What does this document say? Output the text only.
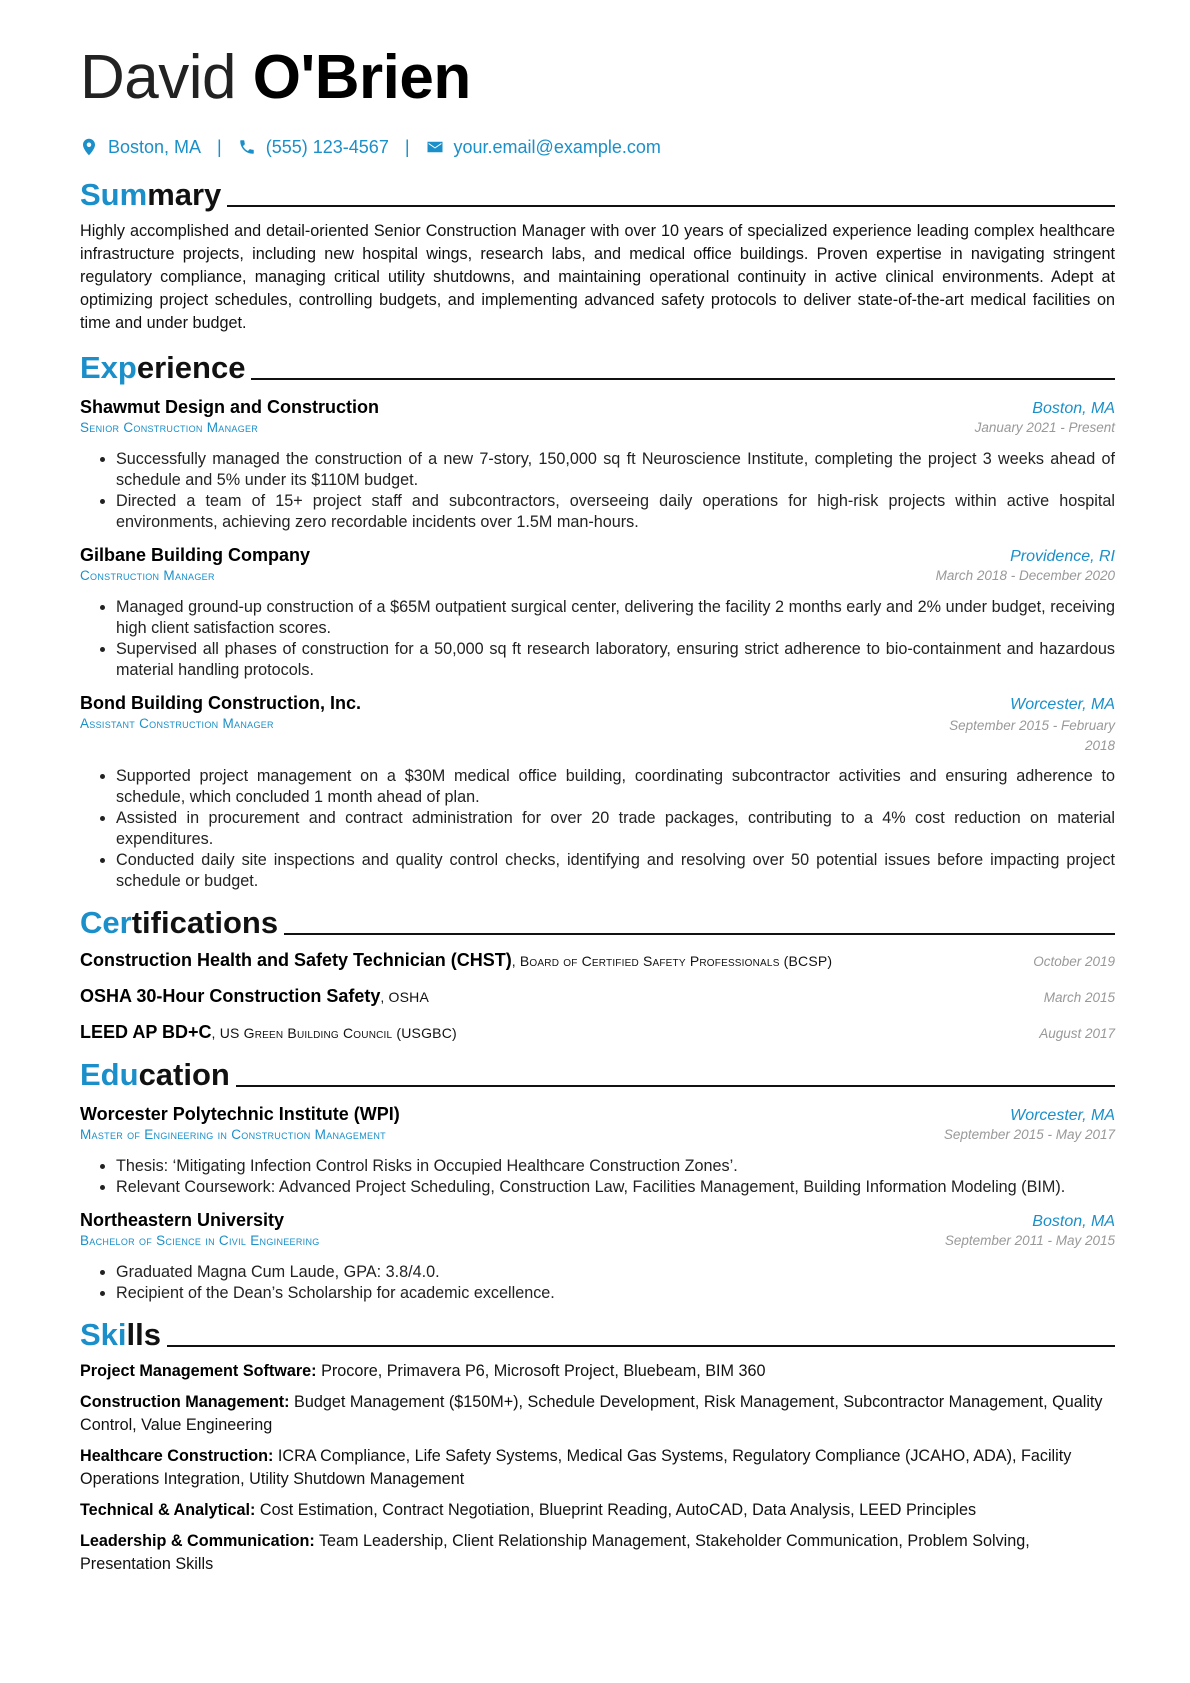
David O'Brien
Boston, MA | (555) 123-4567 | your.email@example.com
Summary
Highly accomplished and detail-oriented Senior Construction Manager with over 10 years of specialized experience leading complex healthcare infrastructure projects, including new hospital wings, research labs, and medical office buildings. Proven expertise in navigating stringent regulatory compliance, managing critical utility shutdowns, and maintaining operational continuity in active clinical environments. Adept at optimizing project schedules, controlling budgets, and implementing advanced safety protocols to deliver state-of-the-art medical facilities on time and under budget.
Experience
Shawmut Design and Construction	Boston, MA
Senior Construction Manager	January 2021 - Present
• Successfully managed the construction of a new 7-story, 150,000 sq ft Neuroscience Institute, completing the project 3 weeks ahead of schedule and 5% under its $110M budget.
• Directed a team of 15+ project staff and subcontractors, overseeing daily operations for high-risk projects within active hospital environments, achieving zero recordable incidents over 1.5M man-hours.
Gilbane Building Company	Providence, RI
Construction Manager	March 2018 - December 2020
• Managed ground-up construction of a $65M outpatient surgical center, delivering the facility 2 months early and 2% under budget, receiving high client satisfaction scores.
• Supervised all phases of construction for a 50,000 sq ft research laboratory, ensuring strict adherence to bio-containment and hazardous material handling protocols.
Bond Building Construction, Inc.	Worcester, MA
Assistant Construction Manager	September 2015 - February 2018
• Supported project management on a $30M medical office building, coordinating subcontractor activities and ensuring adherence to schedule, which concluded 1 month ahead of plan.
• Assisted in procurement and contract administration for over 20 trade packages, contributing to a 4% cost reduction on material expenditures.
• Conducted daily site inspections and quality control checks, identifying and resolving over 50 potential issues before impacting project schedule or budget.
Certifications
Construction Health and Safety Technician (CHST), Board of Certified Safety Professionals (BCSP)	October 2019
OSHA 30-Hour Construction Safety, OSHA	March 2015
LEED AP BD+C, US Green Building Council (USGBC)	August 2017
Education
Worcester Polytechnic Institute (WPI)	Worcester, MA
Master of Engineering in Construction Management	September 2015 - May 2017
• Thesis: ‘Mitigating Infection Control Risks in Occupied Healthcare Construction Zones’.
• Relevant Coursework: Advanced Project Scheduling, Construction Law, Facilities Management, Building Information Modeling (BIM).
Northeastern University	Boston, MA
Bachelor of Science in Civil Engineering	September 2011 - May 2015
• Graduated Magna Cum Laude, GPA: 3.8/4.0.
• Recipient of the Dean’s Scholarship for academic excellence.
Skills
Project Management Software: Procore, Primavera P6, Microsoft Project, Bluebeam, BIM 360
Construction Management: Budget Management ($150M+), Schedule Development, Risk Management, Subcontractor Management, Quality Control, Value Engineering
Healthcare Construction: ICRA Compliance, Life Safety Systems, Medical Gas Systems, Regulatory Compliance (JCAHO, ADA), Facility Operations Integration, Utility Shutdown Management
Technical & Analytical: Cost Estimation, Contract Negotiation, Blueprint Reading, AutoCAD, Data Analysis, LEED Principles
Leadership & Communication: Team Leadership, Client Relationship Management, Stakeholder Communication, Problem Solving, Presentation Skills
